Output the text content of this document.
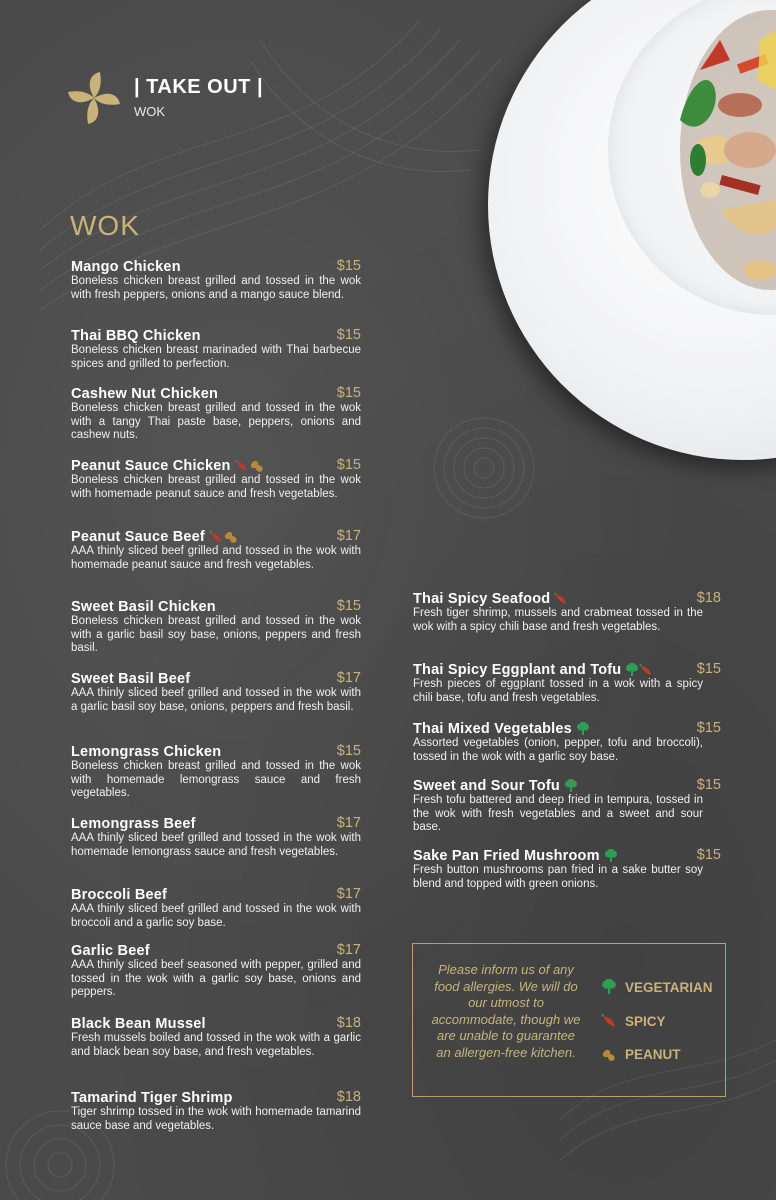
| TAKE OUT |
WOK
WOK
Mango Chicken	$15
Boneless chicken breast grilled and tossed in the wok with fresh peppers, onions and a mango sauce blend.
Thai BBQ Chicken	$15
Boneless chicken breast marinaded with Thai barbecue spices and grilled to perfection.
Cashew Nut Chicken	$15
Boneless chicken breast grilled and tossed in the wok with a tangy Thai paste base, peppers, onions and cashew nuts.
Peanut Sauce Chicken	$15
Boneless chicken breast grilled and tossed in the wok with homemade peanut sauce and fresh vegetables.
Peanut Sauce Beef	$17
AAA thinly sliced beef grilled and tossed in the wok with homemade peanut sauce and fresh vegetables.
Sweet Basil Chicken	$15
Boneless chicken breast grilled and tossed in the wok with a garlic basil soy base, onions, peppers and fresh basil.
Sweet Basil Beef	$17
AAA thinly sliced beef grilled and tossed in the wok with a garlic basil soy base, onions, peppers and fresh basil.
Lemongrass Chicken	$15
Boneless chicken breast grilled and tossed in the wok with homemade lemongrass sauce and fresh vegetables.
Lemongrass Beef	$17
AAA thinly sliced beef grilled and tossed in the wok with homemade lemongrass sauce and fresh vegetables.
Broccoli Beef	$17
AAA thinly sliced beef grilled and tossed in the wok with broccoli and a garlic soy base.
Garlic Beef	$17
AAA thinly sliced beef seasoned with pepper, grilled and tossed in the wok with a garlic soy base, onions and peppers.
Black Bean Mussel	$18
Fresh mussels boiled and tossed in the wok with a garlic and black bean soy base, and fresh vegetables.
Tamarind Tiger Shrimp	$18
Tiger shrimp tossed in the wok with homemade tamarind sauce base and vegetables.
Thai Spicy Seafood	$18
Fresh tiger shrimp, mussels and crabmeat tossed in the wok with a spicy chili base and fresh vegetables.
Thai Spicy Eggplant and Tofu	$15
Fresh pieces of eggplant tossed in a wok with a spicy chili base, tofu and fresh vegetables.
Thai Mixed Vegetables	$15
Assorted vegetables (onion, pepper, tofu and broccoli), tossed in the wok with a garlic soy base.
Sweet and Sour Tofu	$15
Fresh tofu battered and deep fried in tempura, tossed in the wok with fresh vegetables and a sweet and sour base.
Sake Pan Fried Mushroom	$15
Fresh button mushrooms pan fried in a sake butter soy blend and topped with green onions.
Please inform us of any food allergies. We will do our utmost to accommodate, though we are unable to guarantee an allergen-free kitchen.
VEGETARIAN
SPICY
PEANUT
